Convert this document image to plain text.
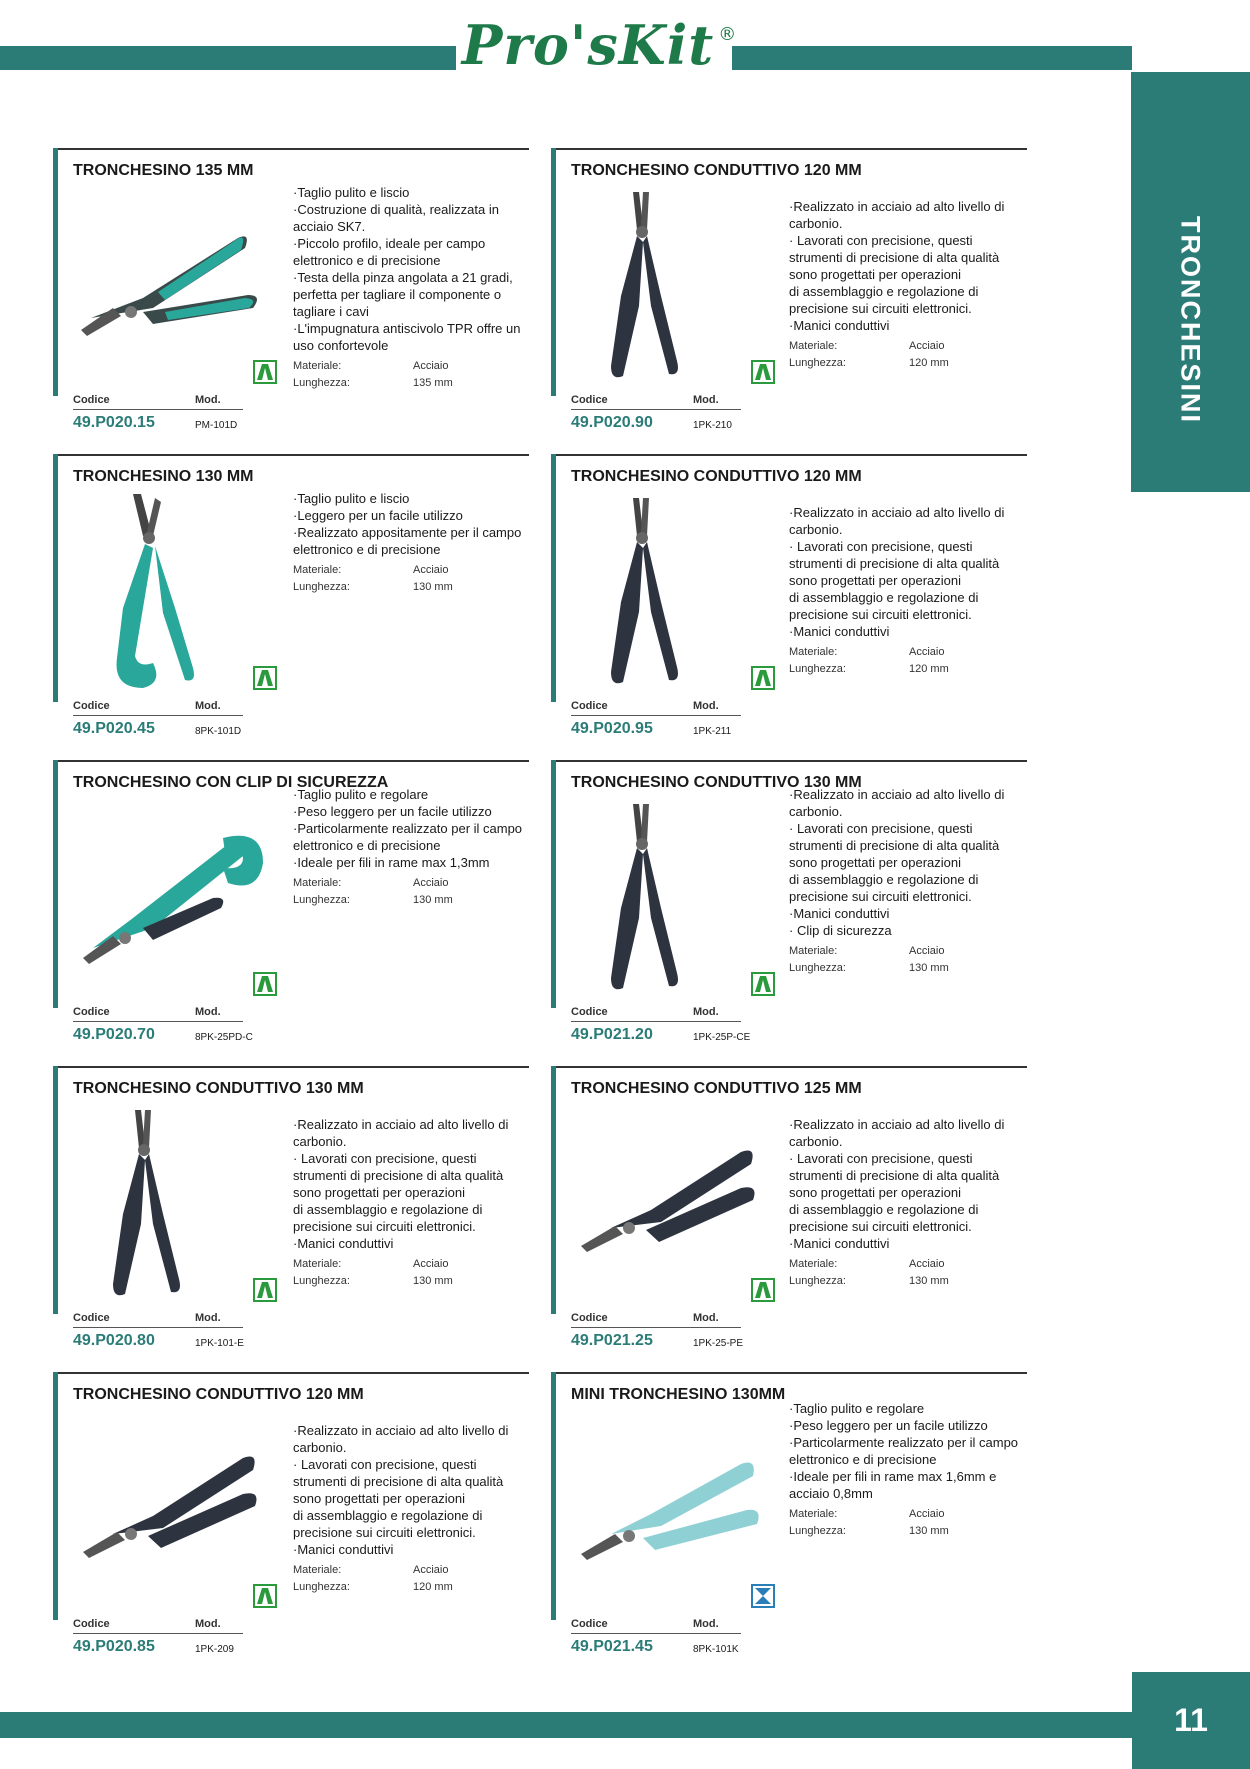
Pro'sKit ®
TRONCHESINI
11
TRONCHESINO 135 MM
·Taglio pulito e liscio
·Costruzione di qualità, realizzata in
acciaio SK7.
·Piccolo profilo, ideale per campo
elettronico e di precisione
·Testa della pinza angolata a 21 gradi,
perfetta per tagliare il componente o
tagliare i cavi
·L'impugnatura antiscivolo TPR offre un
uso confortevole
Materiale:	Acciaio
Lunghezza:	135 mm
Codice	Mod.
49.P020.15	PM-101D
TRONCHESINO CONDUTTIVO 120 MM
·Realizzato in acciaio ad alto livello di
carbonio.
· Lavorati con precisione, questi
strumenti di precisione di alta qualità
sono progettati per operazioni
di assemblaggio e regolazione di
precisione sui circuiti elettronici.
·Manici conduttivi
Materiale:	Acciaio
Lunghezza:	120 mm
Codice	Mod.
49.P020.90	1PK-210
TRONCHESINO 130 MM
·Taglio pulito e liscio
·Leggero per un facile utilizzo
·Realizzato appositamente per il campo
elettronico e di precisione
Materiale:	Acciaio
Lunghezza:	130 mm
Codice	Mod.
49.P020.45	8PK-101D
TRONCHESINO CONDUTTIVO 120 MM
·Realizzato in acciaio ad alto livello di
carbonio.
· Lavorati con precisione, questi
strumenti di precisione di alta qualità
sono progettati per operazioni
di assemblaggio e regolazione di
precisione sui circuiti elettronici.
·Manici conduttivi
Materiale:	Acciaio
Lunghezza:	120 mm
Codice	Mod.
49.P020.95	1PK-211
TRONCHESINO CON CLIP DI SICUREZZA
·Taglio pulito e regolare
·Peso leggero per un facile utilizzo
·Particolarmente realizzato per il campo
elettronico e di precisione
·Ideale per fili in rame max 1,3mm
Materiale:	Acciaio
Lunghezza:	130 mm
Codice	Mod.
49.P020.70	8PK-25PD-C
TRONCHESINO CONDUTTIVO 130 MM
·Realizzato in acciaio ad alto livello di
carbonio.
· Lavorati con precisione, questi
strumenti di precisione di alta qualità
sono progettati per operazioni
di assemblaggio e regolazione di
precisione sui circuiti elettronici.
·Manici conduttivi
· Clip di sicurezza
Materiale:	Acciaio
Lunghezza:	130 mm
Codice	Mod.
49.P021.20	1PK-25P-CE
TRONCHESINO CONDUTTIVO 130 MM
·Realizzato in acciaio ad alto livello di
carbonio.
· Lavorati con precisione, questi
strumenti di precisione di alta qualità
sono progettati per operazioni
di assemblaggio e regolazione di
precisione sui circuiti elettronici.
·Manici conduttivi
Materiale:	Acciaio
Lunghezza:	130 mm
Codice	Mod.
49.P020.80	1PK-101-E
TRONCHESINO CONDUTTIVO 125 MM
·Realizzato in acciaio ad alto livello di
carbonio.
· Lavorati con precisione, questi
strumenti di precisione di alta qualità
sono progettati per operazioni
di assemblaggio e regolazione di
precisione sui circuiti elettronici.
·Manici conduttivi
Materiale:	Acciaio
Lunghezza:	130 mm
Codice	Mod.
49.P021.25	1PK-25-PE
TRONCHESINO CONDUTTIVO 120 MM
·Realizzato in acciaio ad alto livello di
carbonio.
· Lavorati con precisione, questi
strumenti di precisione di alta qualità
sono progettati per operazioni
di assemblaggio e regolazione di
precisione sui circuiti elettronici.
·Manici conduttivi
Materiale:	Acciaio
Lunghezza:	120 mm
Codice	Mod.
49.P020.85	1PK-209
MINI TRONCHESINO 130MM
·Taglio pulito e regolare
·Peso leggero per un facile utilizzo
·Particolarmente realizzato per il campo
elettronico e di precisione
·Ideale per fili in rame max 1,6mm e
acciaio 0,8mm
Materiale:	Acciaio
Lunghezza:	130 mm
Codice	Mod.
49.P021.45	8PK-101K
